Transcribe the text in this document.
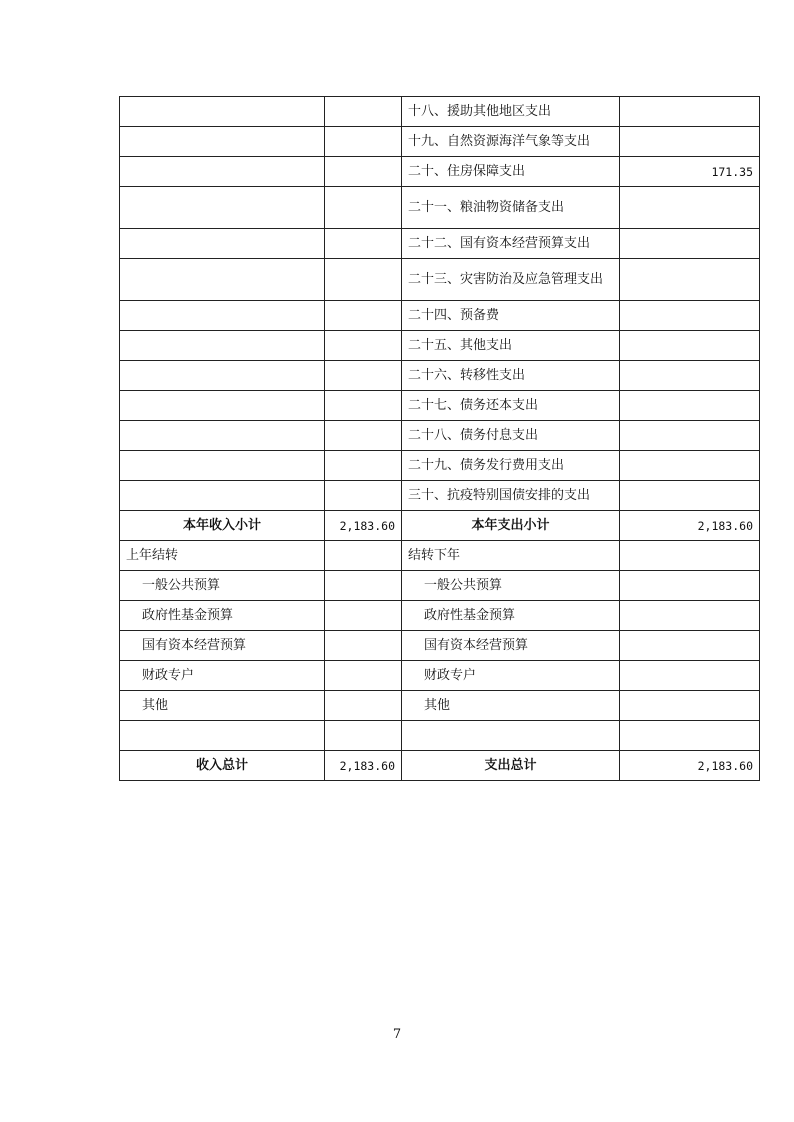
		十八、援助其他地区支出	
		十九、自然资源海洋气象等支出	
		二十、住房保障支出	171.35
		二十一、粮油物资储备支出	
		二十二、国有资本经营预算支出	
		二十三、灾害防治及应急管理支出	
		二十四、预备费	
		二十五、其他支出	
		二十六、转移性支出	
		二十七、债务还本支出	
		二十八、债务付息支出	
		二十九、债务发行费用支出	
		三十、抗疫特别国债安排的支出	
本年收入小计	2,183.60	本年支出小计	2,183.60
上年结转		结转下年	
一般公共预算		一般公共预算	
政府性基金预算		政府性基金预算	
国有资本经营预算		国有资本经营预算	
财政专户		财政专户	
其他		其他	

收入总计	2,183.60	支出总计	2,183.60
7
